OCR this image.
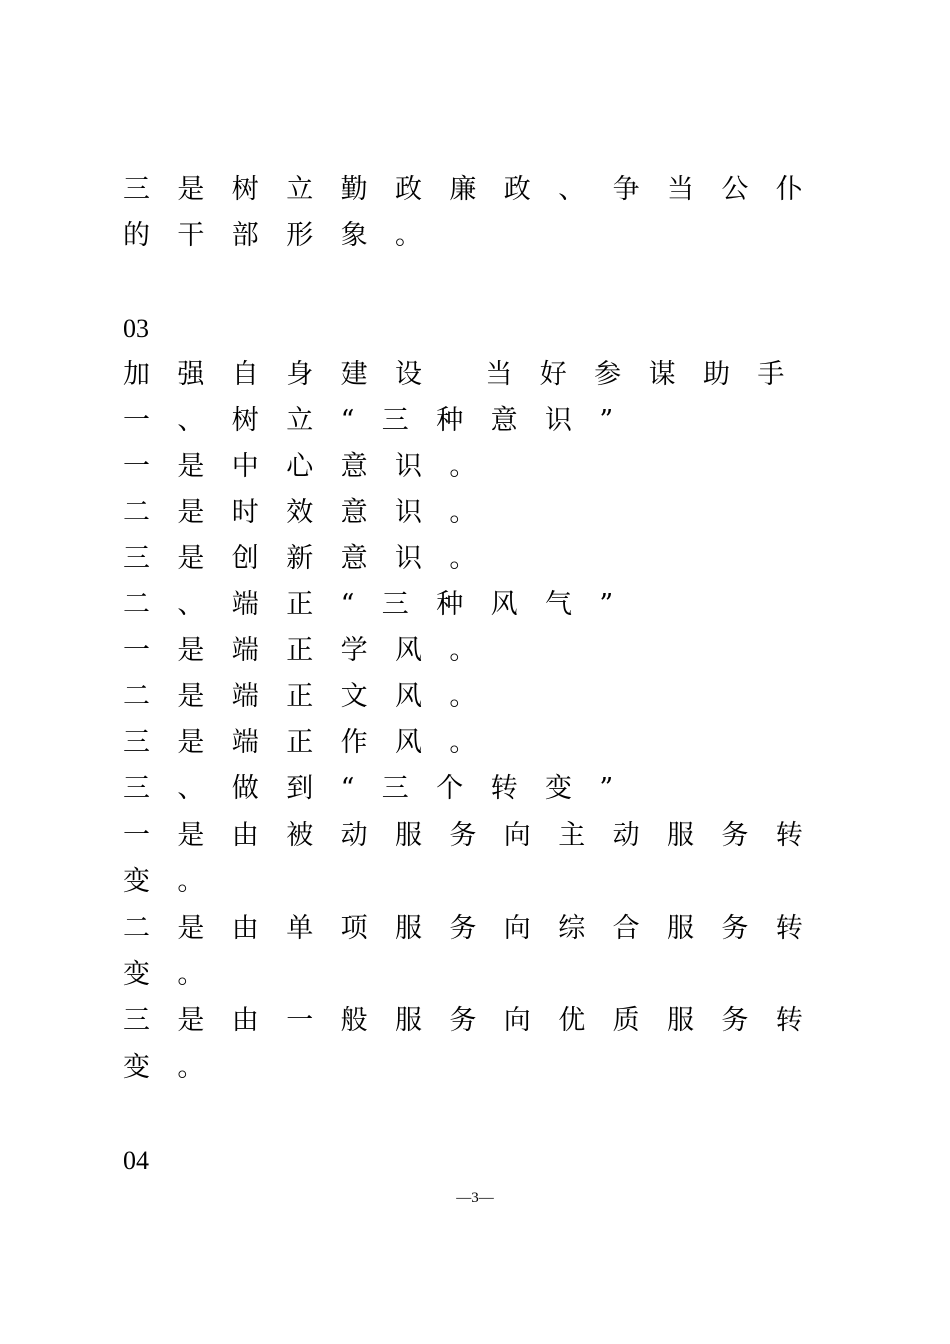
三是树立勤政廉政、争当公仆
的干部形象。
03
加强自身建设 当好参谋助手
一、树立“三种意识”
一是中心意识。
二是时效意识。
三是创新意识。
二、端正“三种风气”
一是端正学风。
二是端正文风。
三是端正作风。
三、做到“三个转变”
一是由被动服务向主动服务转
变。
二是由单项服务向综合服务转
变。
三是由一般服务向优质服务转
变。
04
—3—
